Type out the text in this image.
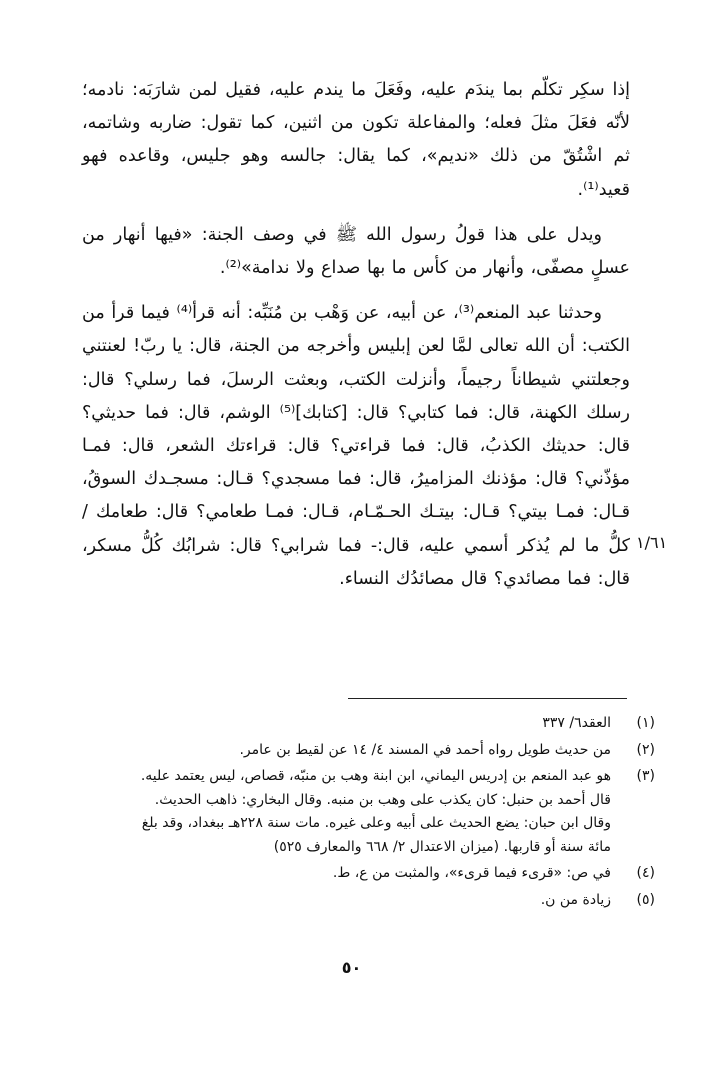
إذا سكِر تكلّم بما يندَم عليه، وفَعَلَ ما يندم عليه، فقيل لمن شارَبَه: نادمه؛ لأنّه فعَلَ مثلَ فعله؛ والمفاعلة تكون من اثنين، كما تقول: ضاربه وشاتمه، ثم اشْتُقّ من ذلك «نديم»، كما يقال: جالسه وهو جليس، وقاعده فهو قعيد⁽¹⁾.

ويدل على هذا قولُ رسول الله ﷺ في وصف الجنة: «فيها أنهار من عسلٍ مصفّى، وأنهار من كأس ما بها صداع ولا ندامة»⁽²⁾.

وحدثنا عبد المنعم⁽³⁾، عن أبيه، عن وَهْب بن مُنَبِّه: أنه قرأ⁽⁴⁾ فيما قرأ من الكتب: أن الله تعالى لمَّا لعن إبليس وأخرجه من الجنة، قال: يا ربّ! لعنتني وجعلتني شيطاناً رجيماً، وأنزلت الكتب، وبعثت الرسلَ، فما رسلي؟ قال: رسلك الكهنة، قال: فما كتابي؟ قال: [كتابك]⁽⁵⁾ الوشم، قال: فما حديثي؟ قال: حديثك الكذبُ، قال: فما قراءتي؟ قال: قراءتك الشعر، قال: فمـا مؤذّني؟ قال: مؤذنك المزاميرُ، قال: فما مسجدي؟ قـال: مسجـدك السوقُ، قـال: فمـا بيتي؟ قـال: بيتـك الحـمّـام، قـال: فمـا طعامي؟ قال: طعامك / كلُّ ما لم يُذكر أسمي عليه، قال:- فما شرابي؟ قال: شرابُك كُلُّ مسكر، قال: فما مصائدي؟ قال مصائدُك النساء.

١/٦١
(١)
العقد٦/ ٣٣٧
(٢)
من حديث طويل رواه أحمد في المسند ٤/ ١٤ عن لقيط بن عامر.
(٣)
هو عبد المنعم بن إدريس اليماني، ابن ابنة وهب بن منبّه، قصاص، ليس يعتمد عليه.
قال أحمد بن حنبل: كان يكذب على وهب بن منبه. وقال البخاري: ذاهب الحديث.
وقال ابن حبان: يضع الحديث على أبيه وعلى غيره. مات سنة ٢٢٨هـ ببغداد، وقد بلغ
مائة سنة أو قاربها. (ميزان الاعتدال ٢/ ٦٦٨ والمعارف ٥٢٥)
(٤)
في ص: «قرىء فيما قرىء»، والمثبت من ع، ط.
(٥)
زيادة من ن.
٥٠
